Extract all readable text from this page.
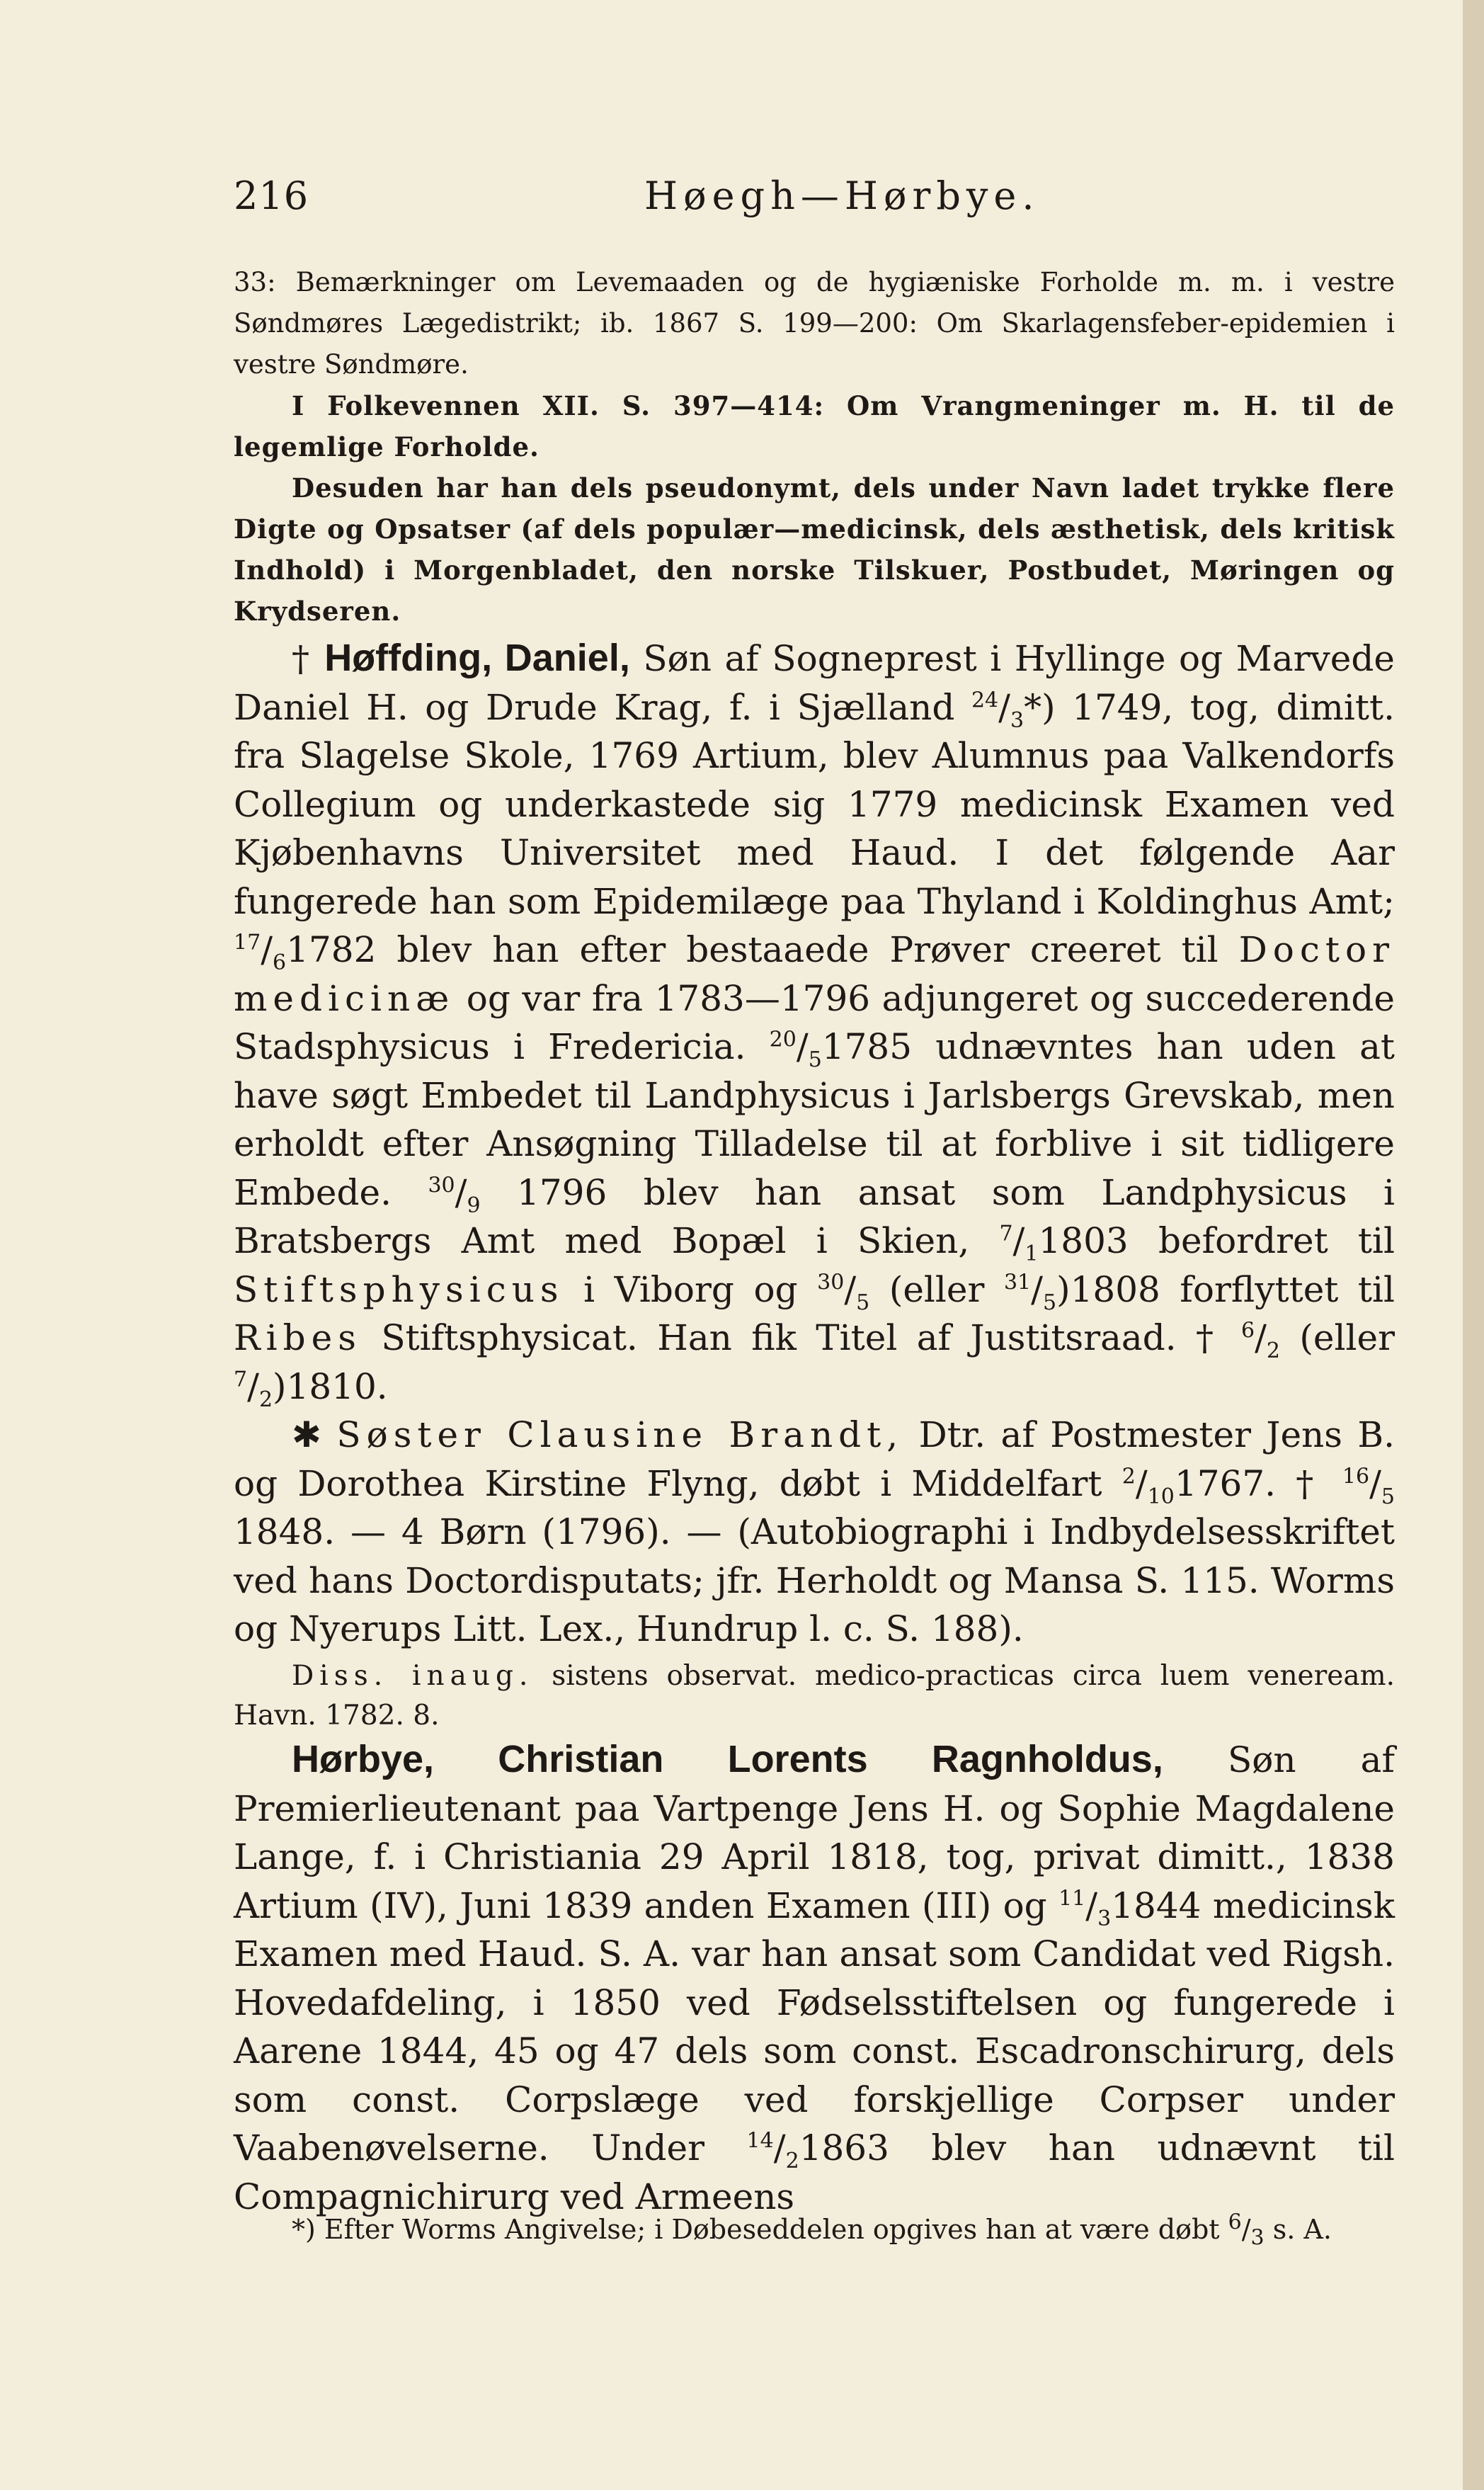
216	Høegh—Hørbye.

33: Bemærkninger om Levemaaden og de hygiæniske Forholde m. m. i vestre Søndmøres Lægedistrikt; ib. 1867 S. 199—200: Om Skarlagensfeber-epidemien i vestre Søndmøre.

I Folkevennen XII. S. 397—414: Om Vrangmeninger m. H. til de legemlige Forholde.

Desuden har han dels pseudonymt, dels under Navn ladet trykke flere Digte og Opsatser (af dels populær—medicinsk, dels æsthetisk, dels kritisk Indhold) i Morgenbladet, den norske Tilskuer, Postbudet, Møringen og Krydseren.

† Høffding, Daniel, Søn af Sogneprest i Hyllinge og Marvede Daniel H. og Drude Krag, f. i Sjælland $^{24}/_3*$) 1749, tog, dimitt. fra Slagelse Skole, 1769 Artium, blev Alumnus paa Valkendorfs Collegium og underkastede sig 1779 medicinsk Examen ved Kjøbenhavns Universitet med Haud. I det følgende Aar fungerede han som Epidemilæge paa Thyland i Koldinghus Amt; $^{17}/_61782$ blev han efter bestaaede Prøver creeret til Doctor medicinæ og var fra 1783—1796 adjungeret og succederende Stadsphysicus i Fredericia. $^{20}/_51785$ udnævntes han uden at have søgt Embedet til Landphysicus i Jarlsbergs Grevskab, men erholdt efter Ansøgning Tilladelse til at forblive i sit tidligere Embede. $^{30}/_9$ 1796 blev han ansat som Landphysicus i Bratsbergs Amt med Bopæl i Skien, $^7/_11803$ befordret til Stiftsphysicus i Viborg og $^{30}/_5$ (eller $^{31}/_5)1808$ forflyttet til Ribes Stiftsphysicat. Han fik Titel af Justitsraad. † $^6/_2$ (eller $^7/_2)1810$.

✱ Søster Clausine Brandt, Dtr. af Postmester Jens B. og Dorothea Kirstine Flyng, døbt i Middelfart $^2/_{10}1767$. † $^{16}/_5$ 1848. — 4 Børn (1796). — (Autobiographi i Indbydelsesskriftet ved hans Doctordisputats; jfr. Herholdt og Mansa S. 115. Worms og Nyerups Litt. Lex., Hundrup l. c. S. 188).

Diss. inaug. sistens observat. medico-practicas circa luem veneream. Havn. 1782. 8.

Hørbye, Christian Lorents Ragnholdus, Søn af Premierlieutenant paa Vartpenge Jens H. og Sophie Magdalene Lange, f. i Christiania 29 April 1818, tog, privat dimitt., 1838 Artium (IV), Juni 1839 anden Examen (III) og $^{11}/_31844$ medicinsk Examen med Haud. S. A. var han ansat som Candidat ved Rigsh. Hovedafdeling, i 1850 ved Fødselsstiftelsen og fungerede i Aarene 1844, 45 og 47 dels som const. Escadronschirurg, dels som const. Corpslæge ved forskjellige Corpser under Vaabenøvelserne. Under $^{14}/_21863$ blev han udnævnt til Compagnichirurg ved Armeens

*) Efter Worms Angivelse; i Døbeseddelen opgives han at være døbt $^6/_3$ s. A.
